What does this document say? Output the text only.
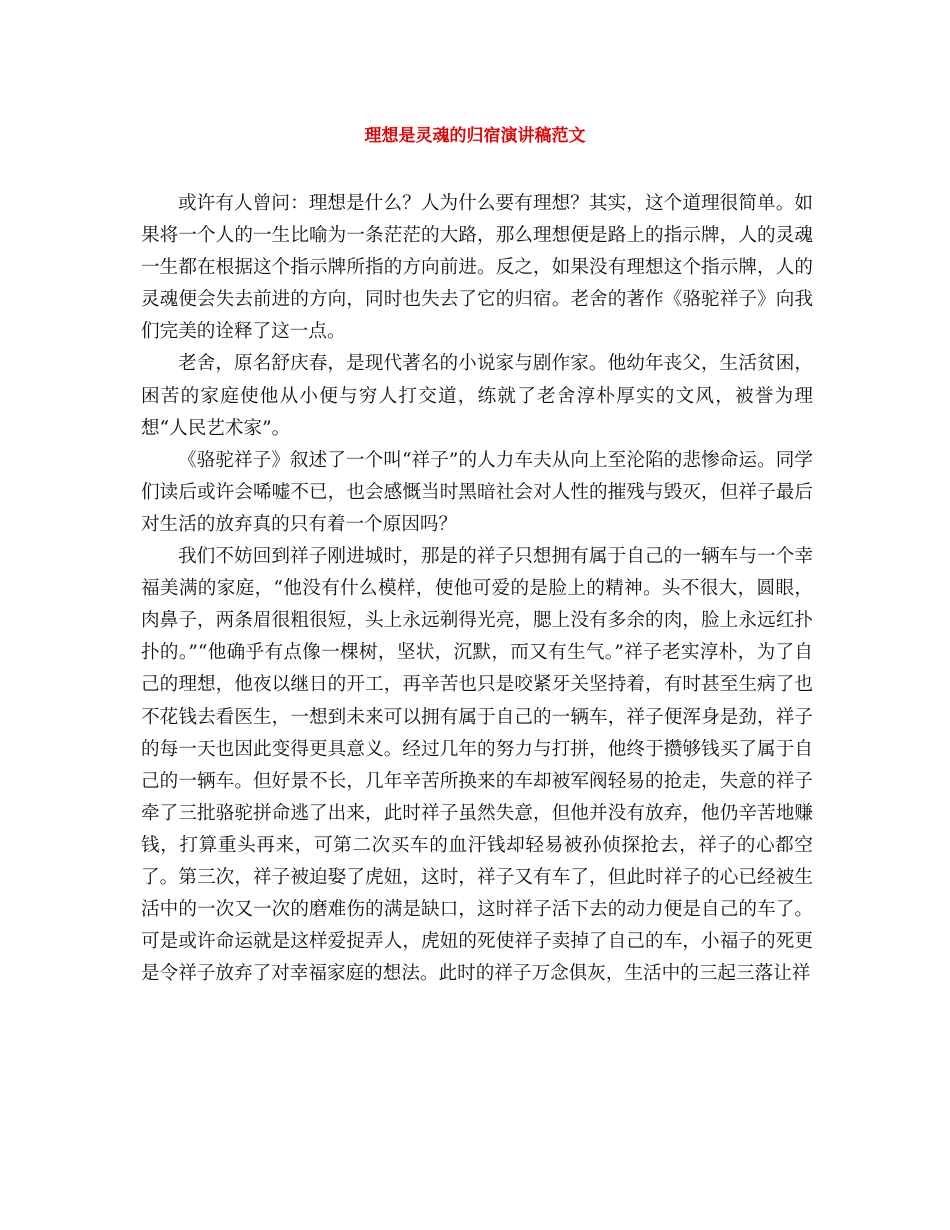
理想是灵魂的归宿演讲稿范文

或许有人曾问：理想是什么？人为什么要有理想？其实，这个道理很简单。如果将一个人的一生比喻为一条茫茫的大路，那么理想便是路上的指示牌，人的灵魂一生都在根据这个指示牌所指的方向前进。反之，如果没有理想这个指示牌，人的灵魂便会失去前进的方向，同时也失去了它的归宿。老舍的著作《骆驼祥子》向我们完美的诠释了这一点。

老舍，原名舒庆春，是现代著名的小说家与剧作家。他幼年丧父，生活贫困，困苦的家庭使他从小便与穷人打交道，练就了老舍淳朴厚实的文风，被誉为理想“人民艺术家”。

《骆驼祥子》叙述了一个叫“祥子”的人力车夫从向上至沦陷的悲惨命运。同学们读后或许会唏嘘不已，也会感慨当时黑暗社会对人性的摧残与毁灭，但祥子最后对生活的放弃真的只有着一个原因吗？

我们不妨回到祥子刚进城时，那是的祥子只想拥有属于自己的一辆车与一个幸福美满的家庭，“他没有什么模样，使他可爱的是脸上的精神。头不很大，圆眼，肉鼻子，两条眉很粗很短，头上永远剃得光亮，腮上没有多余的肉，脸上永远红扑扑的。”“他确乎有点像一棵树，坚状，沉默，而又有生气。”祥子老实淳朴，为了自己的理想，他夜以继日的开工，再辛苦也只是咬紧牙关坚持着，有时甚至生病了也不花钱去看医生，一想到未来可以拥有属于自己的一辆车，祥子便浑身是劲，祥子的每一天也因此变得更具意义。经过几年的努力与打拼，他终于攒够钱买了属于自己的一辆车。但好景不长，几年辛苦所换来的车却被军阀轻易的抢走，失意的祥子牵了三批骆驼拼命逃了出来，此时祥子虽然失意，但他并没有放弃，他仍辛苦地赚钱，打算重头再来，可第二次买车的血汗钱却轻易被孙侦探抢去，祥子的心都空了。第三次，祥子被迫娶了虎妞，这时，祥子又有车了，但此时祥子的心已经被生活中的一次又一次的磨难伤的满是缺口，这时祥子活下去的动力便是自己的车了。可是或许命运就是这样爱捉弄人，虎妞的死使祥子卖掉了自己的车，小福子的死更是令祥子放弃了对幸福家庭的想法。此时的祥子万念俱灰，生活中的三起三落让祥
